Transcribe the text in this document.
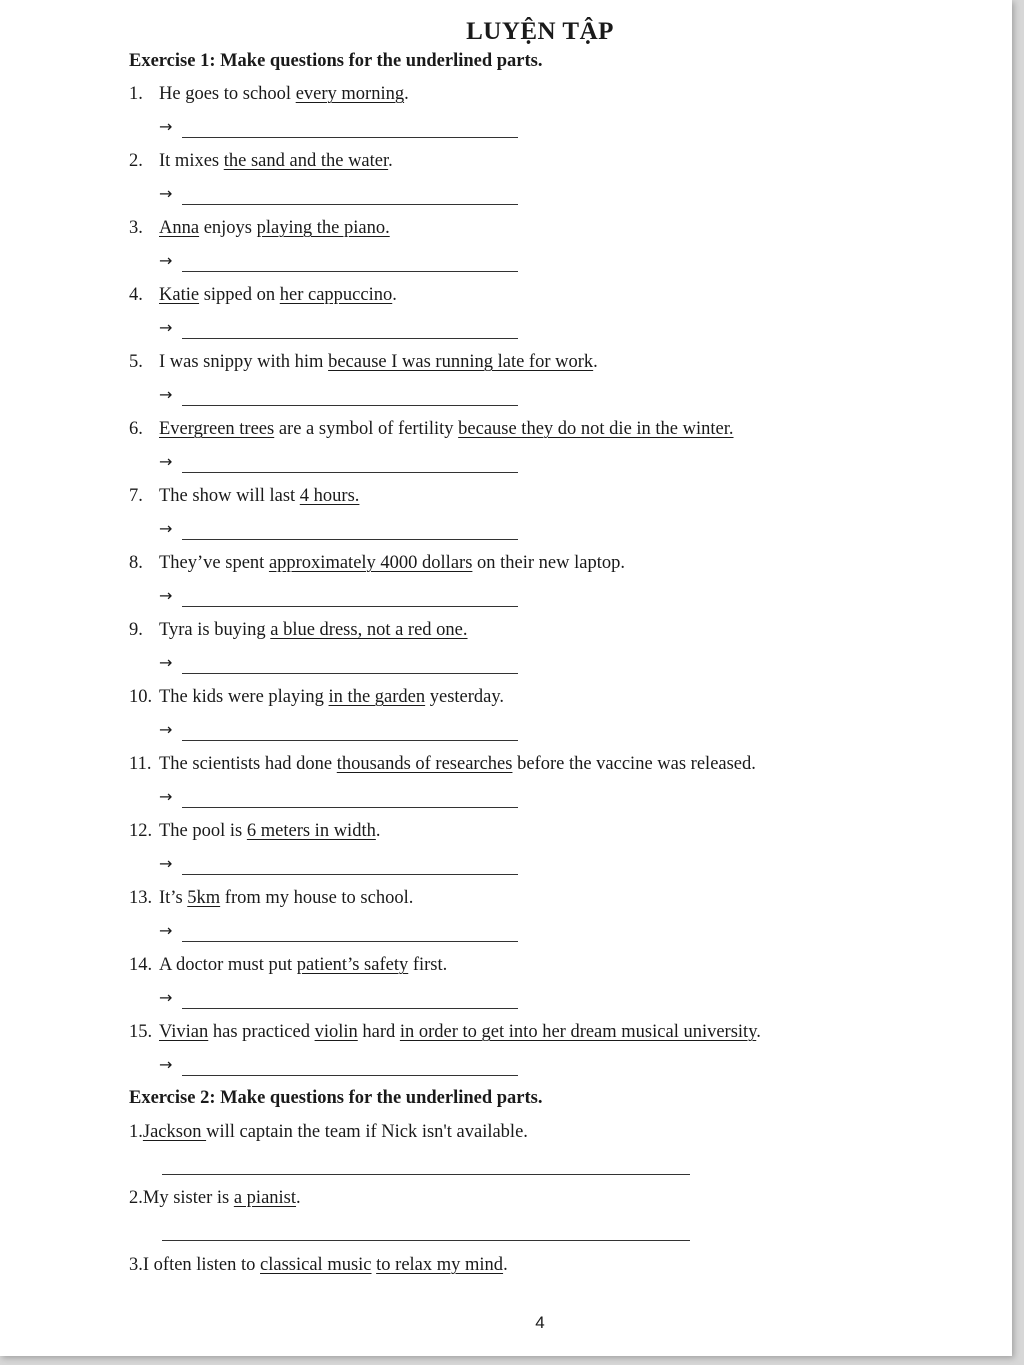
LUYỆN TẬP
Exercise 1: Make questions for the underlined parts.
1. He goes to school every morning.
→
2. It mixes the sand and the water.
→
3. Anna enjoys playing the piano.
→
4. Katie sipped on her cappuccino.
→
5. I was snippy with him because I was running late for work.
→
6. Evergreen trees are a symbol of fertility because they do not die in the winter.
→
7. The show will last 4 hours.
→
8. They’ve spent approximately 4000 dollars on their new laptop.
→
9. Tyra is buying a blue dress, not a red one.
→
10. The kids were playing in the garden yesterday.
→
11. The scientists had done thousands of researches before the vaccine was released.
→
12. The pool is 6 meters in width.
→
13. It’s 5km from my house to school.
→
14. A doctor must put patient’s safety first.
→
15. Vivian has practiced violin hard in order to get into her dream musical university.
→
Exercise 2: Make questions for the underlined parts.
1.Jackson will captain the team if Nick isn't available.
2.My sister is a pianist.
3.I often listen to classical music to relax my mind.
4
